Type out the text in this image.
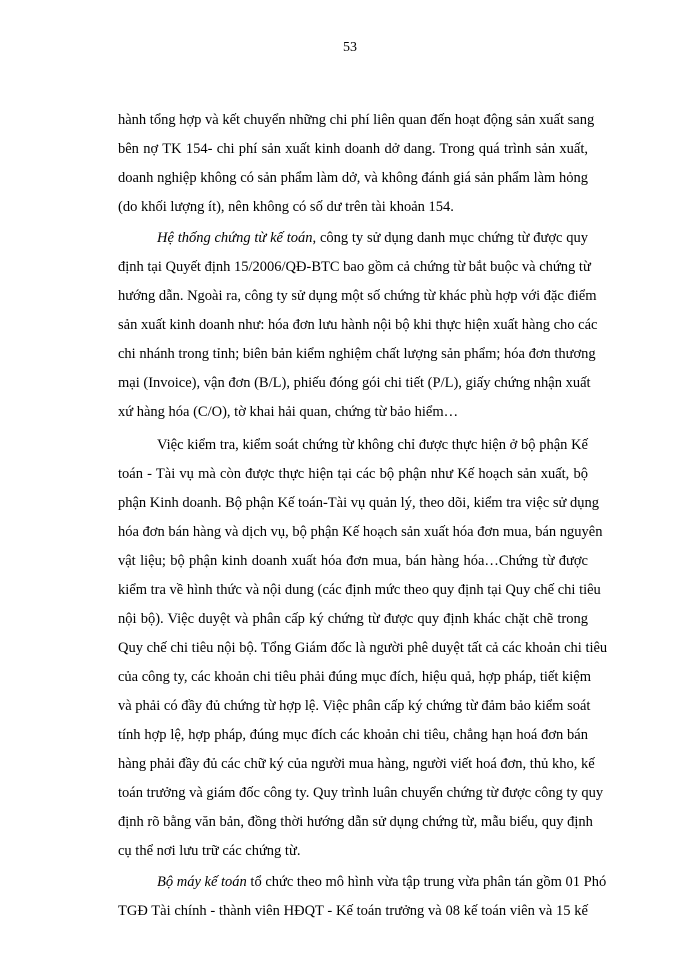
53
hành tổng hợp và kết chuyển những chi phí liên quan đến hoạt động sản xuất sang
bên nợ TK 154- chi phí sản xuất kinh doanh dở dang. Trong quá trình sản xuất,
doanh nghiệp không có sản phẩm làm dở, và không đánh giá sản phẩm làm hỏng
(do khối lượng ít), nên không có số dư trên tài khoản 154.
Hệ thống chứng từ kế toán, công ty sử dụng danh mục chứng từ được quy
định tại Quyết định 15/2006/QĐ-BTC bao gồm cả chứng từ bắt buộc và chứng từ
hướng dẫn. Ngoài ra, công ty sử dụng một số chứng từ khác phù hợp với đặc điểm
sản xuất kinh doanh như: hóa đơn lưu hành nội bộ khi thực hiện xuất hàng cho các
chi nhánh trong tỉnh; biên bản kiểm nghiệm chất lượng sản phẩm; hóa đơn thương
mại (Invoice), vận đơn (B/L), phiếu đóng gói chi tiết (P/L), giấy chứng nhận xuất
xứ hàng hóa (C/O), tờ khai hải quan, chứng từ bảo hiểm…
Việc kiểm tra, kiểm soát chứng từ không chỉ được thực hiện ở bộ phận Kế
toán - Tài vụ mà còn được thực hiện tại các bộ phận như Kế hoạch sản xuất, bộ
phận Kinh doanh. Bộ phận Kế toán-Tài vụ quản lý, theo dõi, kiểm tra việc sử dụng
hóa đơn bán hàng và dịch vụ, bộ phận Kế hoạch sản xuất hóa đơn mua, bán nguyên
vật liệu; bộ phận kinh doanh xuất hóa đơn mua, bán hàng hóa…Chứng từ được
kiểm tra về hình thức và nội dung (các định mức theo quy định tại Quy chế chi tiêu
nội bộ). Việc duyệt và phân cấp ký chứng từ được quy định khác chặt chẽ trong
Quy chế chi tiêu nội bộ. Tổng Giám đốc là người phê duyệt tất cả các khoản chi tiêu
của công ty, các khoản chi tiêu phải đúng mục đích, hiệu quả, hợp pháp, tiết kiệm
và phải có đầy đủ chứng từ hợp lệ. Việc phân cấp ký chứng từ đảm bảo kiểm soát
tính hợp lệ, hợp pháp, đúng mục đích các khoản chi tiêu, chẳng hạn hoá đơn bán
hàng phải đầy đủ các chữ ký của người mua hàng, người viết hoá đơn, thủ kho, kế
toán trưởng và giám đốc công ty. Quy trình luân chuyển chứng từ được công ty quy
định rõ bằng văn bản, đồng thời hướng dẫn sử dụng chứng từ, mẫu biểu, quy định
cụ thể nơi lưu trữ các chứng từ.
Bộ máy kế toán tổ chức theo mô hình vừa tập trung vừa phân tán gồm 01 Phó
TGĐ Tài chính - thành viên HĐQT - Kế toán trưởng và 08 kế toán viên và 15 kế
